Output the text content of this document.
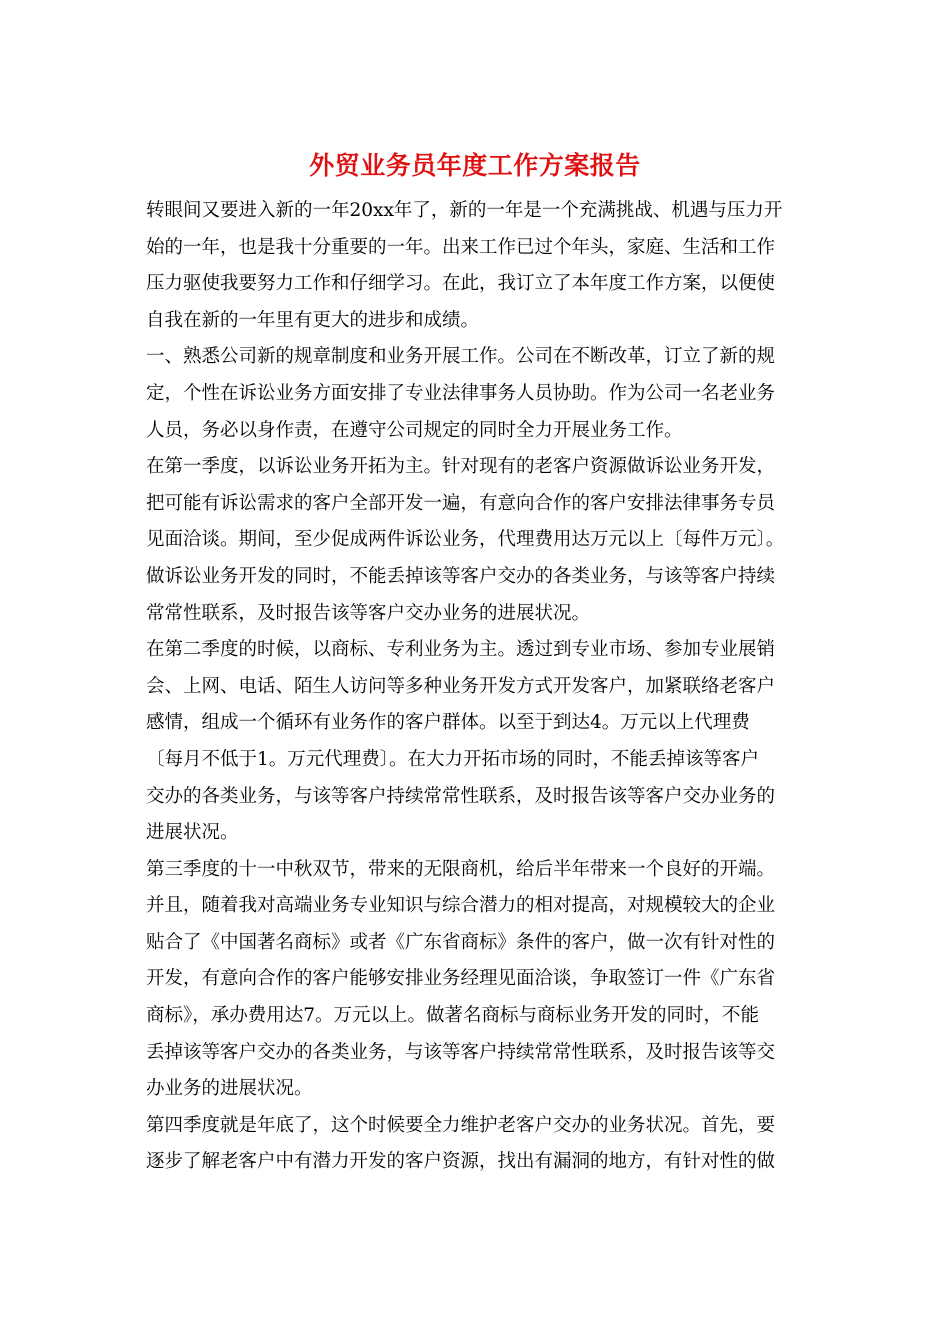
外贸业务员年度工作方案报告
转眼间又要进入新的一年20xx年了，新的一年是一个充满挑战、机遇与压力开
始的一年，也是我十分重要的一年。出来工作已过个年头，家庭、生活和工作
压力驱使我要努力工作和仔细学习。在此，我订立了本年度工作方案，以便使
自我在新的一年里有更大的进步和成绩。
一、熟悉公司新的规章制度和业务开展工作。公司在不断改革，订立了新的规
定，个性在诉讼业务方面安排了专业法律事务人员协助。作为公司一名老业务
人员，务必以身作责，在遵守公司规定的同时全力开展业务工作。
在第一季度，以诉讼业务开拓为主。针对现有的老客户资源做诉讼业务开发，
把可能有诉讼需求的客户全部开发一遍，有意向合作的客户安排法律事务专员
见面洽谈。期间，至少促成两件诉讼业务，代理费用达万元以上〔每件万元〕。
做诉讼业务开发的同时，不能丢掉该等客户交办的各类业务，与该等客户持续
常常性联系，及时报告该等客户交办业务的进展状况。
在第二季度的时候，以商标、专利业务为主。透过到专业市场、参加专业展销
会、上网、电话、陌生人访问等多种业务开发方式开发客户，加紧联络老客户
感情，组成一个循环有业务作的客户群体。以至于到达4。万元以上代理费
〔每月不低于1。万元代理费〕。在大力开拓市场的同时，不能丢掉该等客户
交办的各类业务，与该等客户持续常常性联系，及时报告该等客户交办业务的
进展状况。
第三季度的十一中秋双节，带来的无限商机，给后半年带来一个良好的开端。
并且，随着我对高端业务专业知识与综合潜力的相对提高，对规模较大的企业
贴合了《中国著名商标》或者《广东省商标》条件的客户，做一次有针对性的
开发，有意向合作的客户能够安排业务经理见面洽谈，争取签订一件《广东省
商标》，承办费用达7。万元以上。做著名商标与商标业务开发的同时，不能
丢掉该等客户交办的各类业务，与该等客户持续常常性联系，及时报告该等交
办业务的进展状况。
第四季度就是年底了，这个时候要全力维护老客户交办的业务状况。首先，要
逐步了解老客户中有潜力开发的客户资源，找出有漏洞的地方，有针对性的做
